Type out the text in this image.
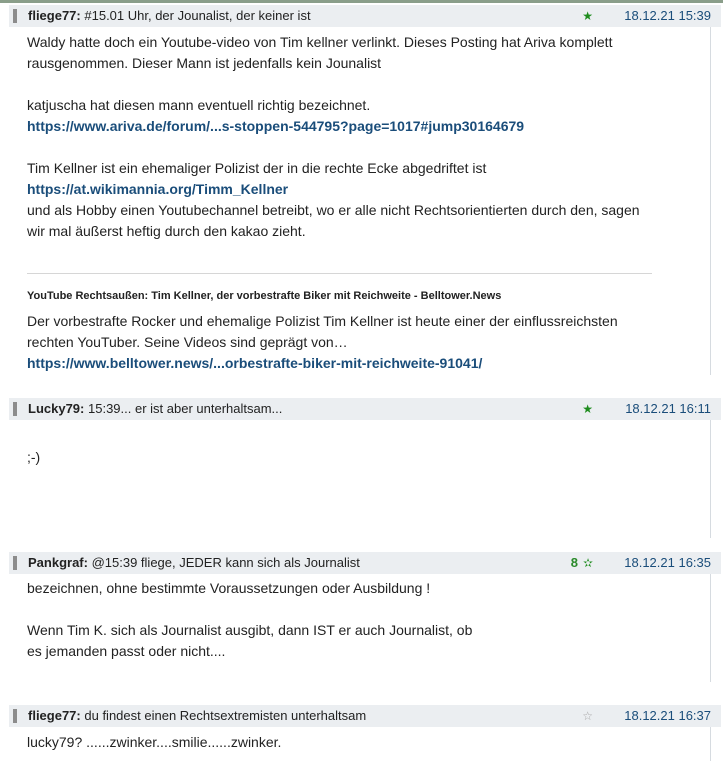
fliege77: #15.01 Uhr, der Jounalist, der keiner ist	★ 18.12.21 15:39

Waldy hatte doch ein Youtube-video von Tim kellner verlinkt. Dieses Posting hat Ariva komplett

rausgenommen. Dieser Mann ist jedenfalls kein Jounalist

katjuscha hat diesen mann eventuell richtig bezeichnet.

https://www.ariva.de/forum/...s-stoppen-544795?page=1017#jump30164679

Tim Kellner ist ein ehemaliger Polizist der in die rechte Ecke abgedriftet ist

https://at.wikimannia.org/Timm_Kellner

und als Hobby einen Youtubechannel betreibt, wo er alle nicht Rechtsorientierten durch den, sagen

wir mal äußerst heftig durch den kakao zieht.

YouTube Rechtsaußen: Tim Kellner, der vorbestrafte Biker mit Reichweite - Belltower.News

Der vorbestrafte Rocker und ehemalige Polizist Tim Kellner ist heute einer der einflussreichsten

rechten YouTuber. Seine Videos sind geprägt von…

https://www.belltower.news/...orbestrafte-biker-mit-reichweite-91041/

Lucky79: 15:39... er ist aber unterhaltsam...	★ 18.12.21 16:11

;-)

Pankgraf: @15:39 fliege, JEDER kann sich als Journalist	8 ✫ 18.12.21 16:35

bezeichnen, ohne bestimmte Voraussetzungen oder Ausbildung !

Wenn Tim K. sich als Journalist ausgibt, dann IST er auch Journalist, ob

es jemanden passt oder nicht....

fliege77: du findest einen Rechtsextremisten unterhaltsam	☆ 18.12.21 16:37

lucky79? ......zwinker....smilie......zwinker.
